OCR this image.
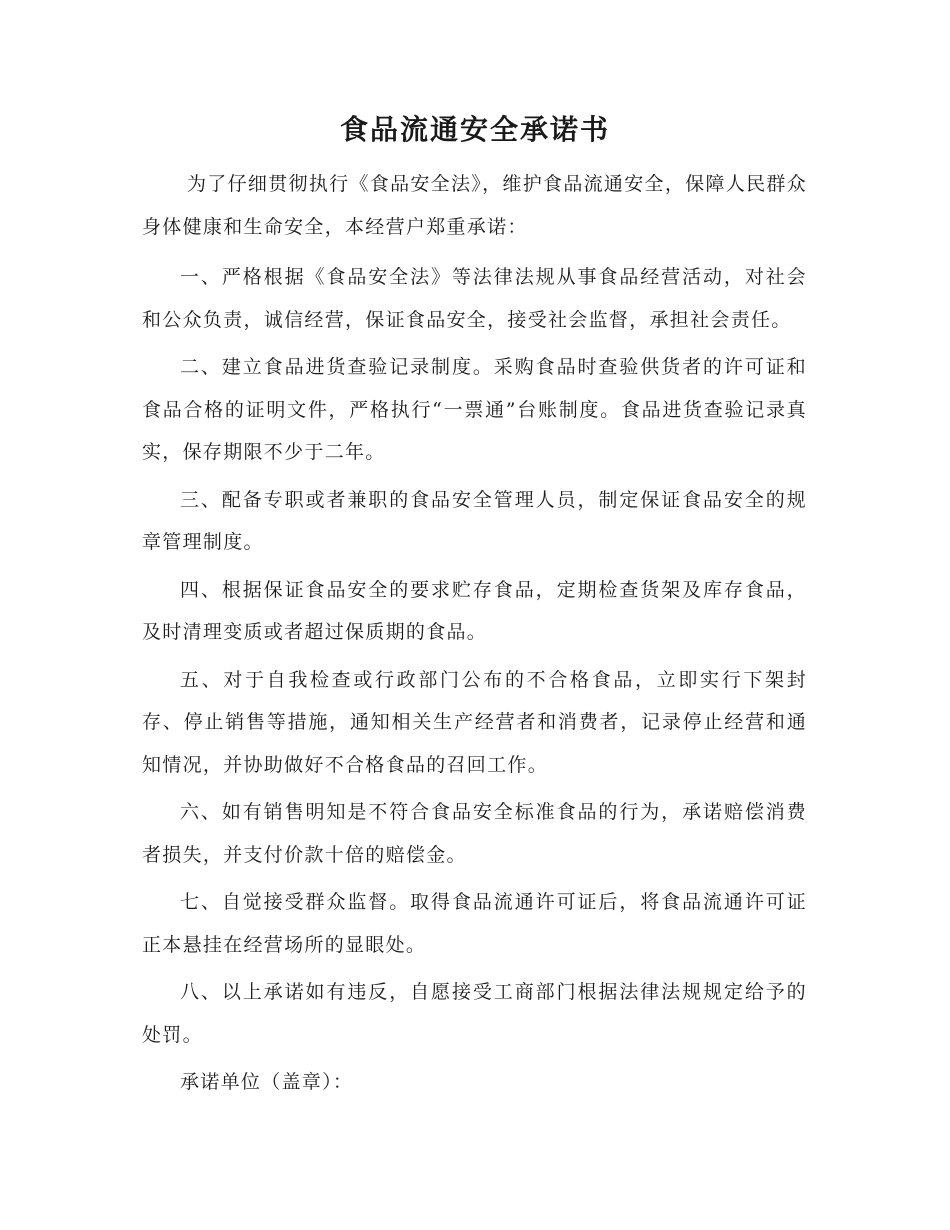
食品流通安全承诺书

为了仔细贯彻执行《食品安全法》，维护食品流通安全，保障人民群众身体健康和生命安全，本经营户郑重承诺：

一、严格根据《食品安全法》等法律法规从事食品经营活动，对社会和公众负责，诚信经营，保证食品安全，接受社会监督，承担社会责任。

二、建立食品进货查验记录制度。采购食品时查验供货者的许可证和食品合格的证明文件，严格执行“一票通”台账制度。食品进货查验记录真实，保存期限不少于二年。

三、配备专职或者兼职的食品安全管理人员，制定保证食品安全的规章管理制度。

四、根据保证食品安全的要求贮存食品，定期检查货架及库存食品，及时清理变质或者超过保质期的食品。

五、对于自我检查或行政部门公布的不合格食品，立即实行下架封存、停止销售等措施，通知相关生产经营者和消费者，记录停止经营和通知情况，并协助做好不合格食品的召回工作。

六、如有销售明知是不符合食品安全标准食品的行为，承诺赔偿消费者损失，并支付价款十倍的赔偿金。

七、自觉接受群众监督。取得食品流通许可证后，将食品流通许可证正本悬挂在经营场所的显眼处。

八、以上承诺如有违反，自愿接受工商部门根据法律法规规定给予的处罚。

承诺单位（盖章）：
